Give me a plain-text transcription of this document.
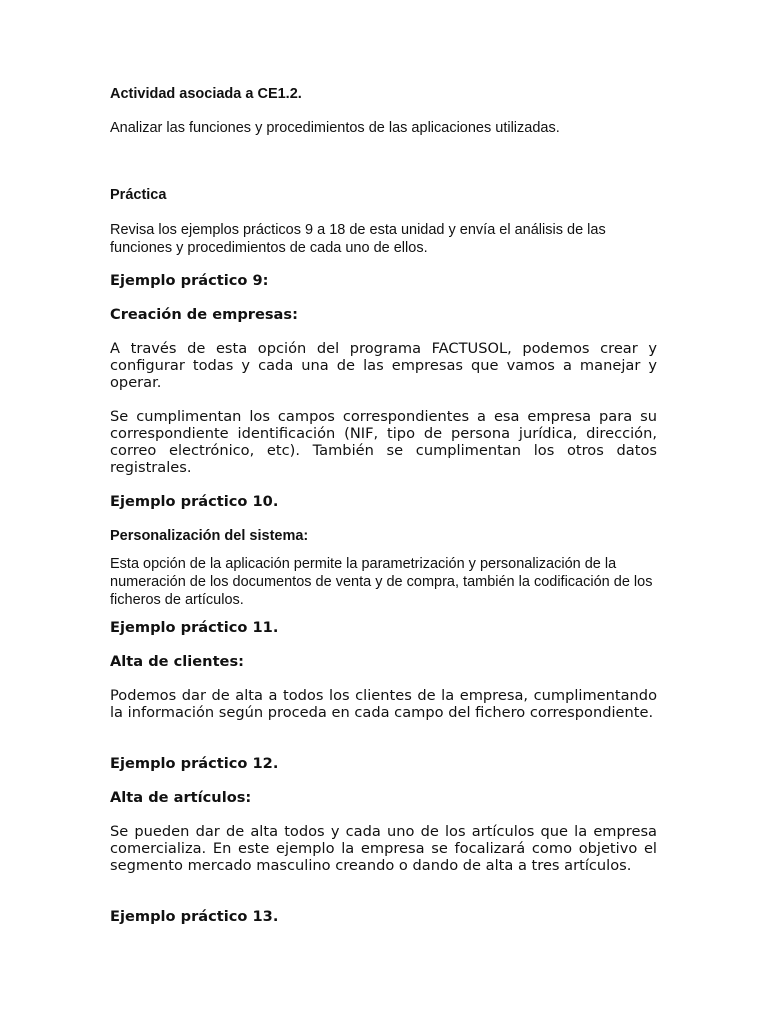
Actividad asociada a CE1.2.

Analizar las funciones y procedimientos de las aplicaciones utilizadas.

Práctica

Revisa los ejemplos prácticos 9 a 18 de esta unidad y envía el análisis de las funciones y procedimientos de cada uno de ellos.

Ejemplo práctico 9:

Creación de empresas:

A través de esta opción del programa FACTUSOL, podemos crear y configurar todas y cada una de las empresas que vamos a manejar y operar.

Se cumplimentan los campos correspondientes a esa empresa para su correspondiente identificación (NIF, tipo de persona jurídica, dirección, correo electrónico, etc). También se cumplimentan los otros datos registrales.

Ejemplo práctico 10.

Personalización del sistema:

Esta opción de la aplicación permite la parametrización y personalización de la numeración de los documentos de venta y de compra, también la codificación de los ficheros de artículos.

Ejemplo práctico 11.

Alta de clientes:

Podemos dar de alta a todos los clientes de la empresa, cumplimentando la información según proceda en cada campo del fichero correspondiente.

Ejemplo práctico 12.

Alta de artículos:

Se pueden dar de alta todos y cada uno de los artículos que la empresa comercializa. En este ejemplo la empresa se focalizará como objetivo el segmento mercado masculino creando o dando de alta a tres artículos.

Ejemplo práctico 13.
